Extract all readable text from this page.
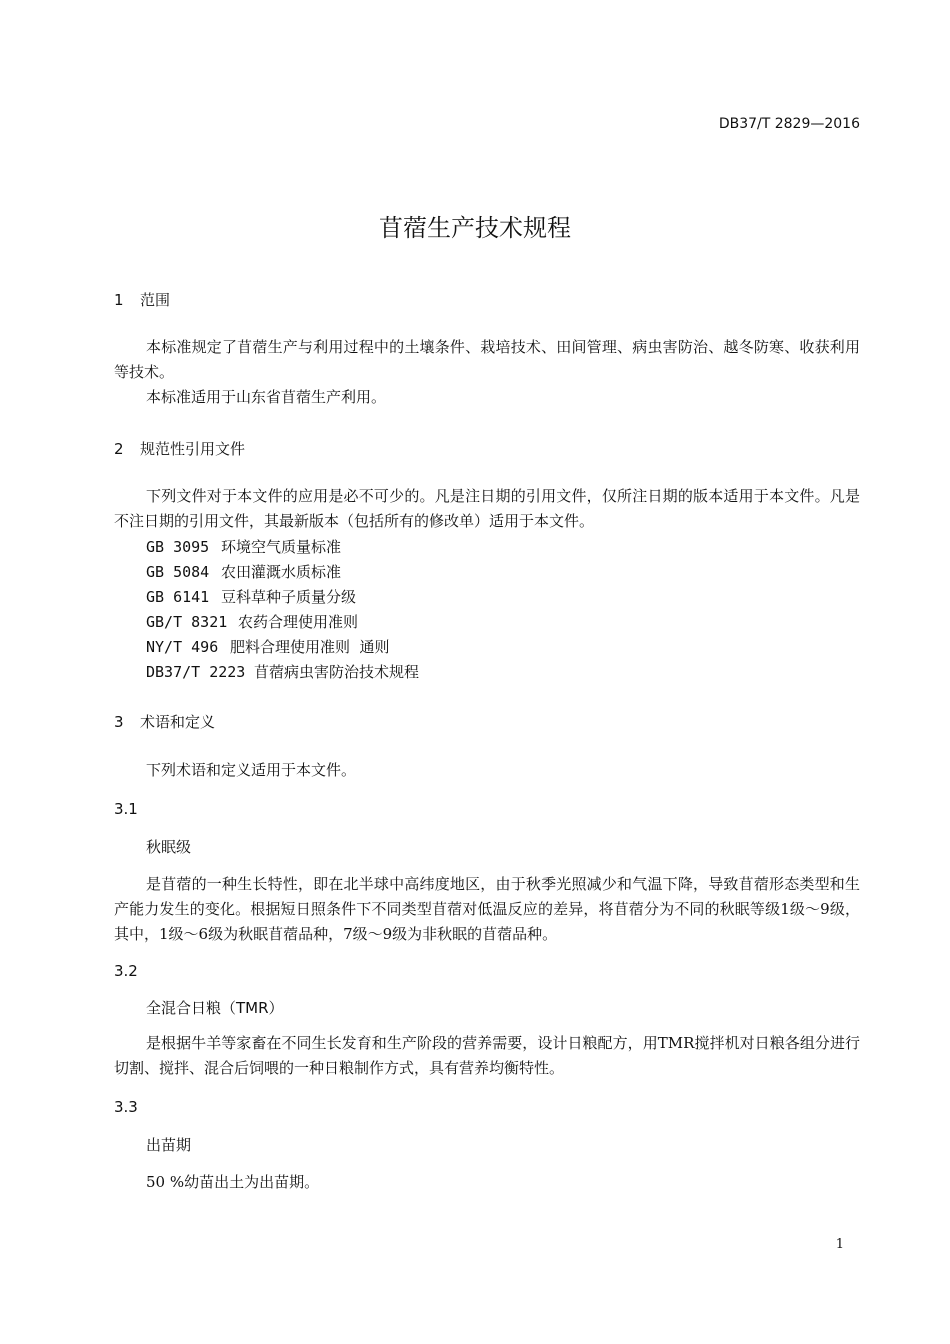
DB37/T 2829—2016
苜蓿生产技术规程
1 范围
本标准规定了苜蓿生产与利用过程中的土壤条件、栽培技术、田间管理、病虫害防治、越冬防寒、收获利用等技术。
本标准适用于山东省苜蓿生产利用。
2 规范性引用文件
下列文件对于本文件的应用是必不可少的。凡是注日期的引用文件，仅所注日期的版本适用于本文件。凡是不注日期的引用文件，其最新版本（包括所有的修改单）适用于本文件。
GB 3095 环境空气质量标准
GB 5084 农田灌溉水质标准
GB 6141 豆科草种子质量分级
GB/T 8321 农药合理使用准则
NY/T 496 肥料合理使用准则  通则
DB37/T 2223 苜蓿病虫害防治技术规程
3 术语和定义
下列术语和定义适用于本文件。
3.1
秋眠级
是苜蓿的一种生长特性，即在北半球中高纬度地区，由于秋季光照减少和气温下降，导致苜蓿形态类型和生产能力发生的变化。根据短日照条件下不同类型苜蓿对低温反应的差异，将苜蓿分为不同的秋眠等级1级～9级，其中，1级～6级为秋眠苜蓿品种，7级～9级为非秋眠的苜蓿品种。
3.2
全混合日粮（TMR）
是根据牛羊等家畜在不同生长发育和生产阶段的营养需要，设计日粮配方，用TMR搅拌机对日粮各组分进行切割、搅拌、混合后饲喂的一种日粮制作方式，具有营养均衡特性。
3.3
出苗期
50 %幼苗出土为出苗期。
1
